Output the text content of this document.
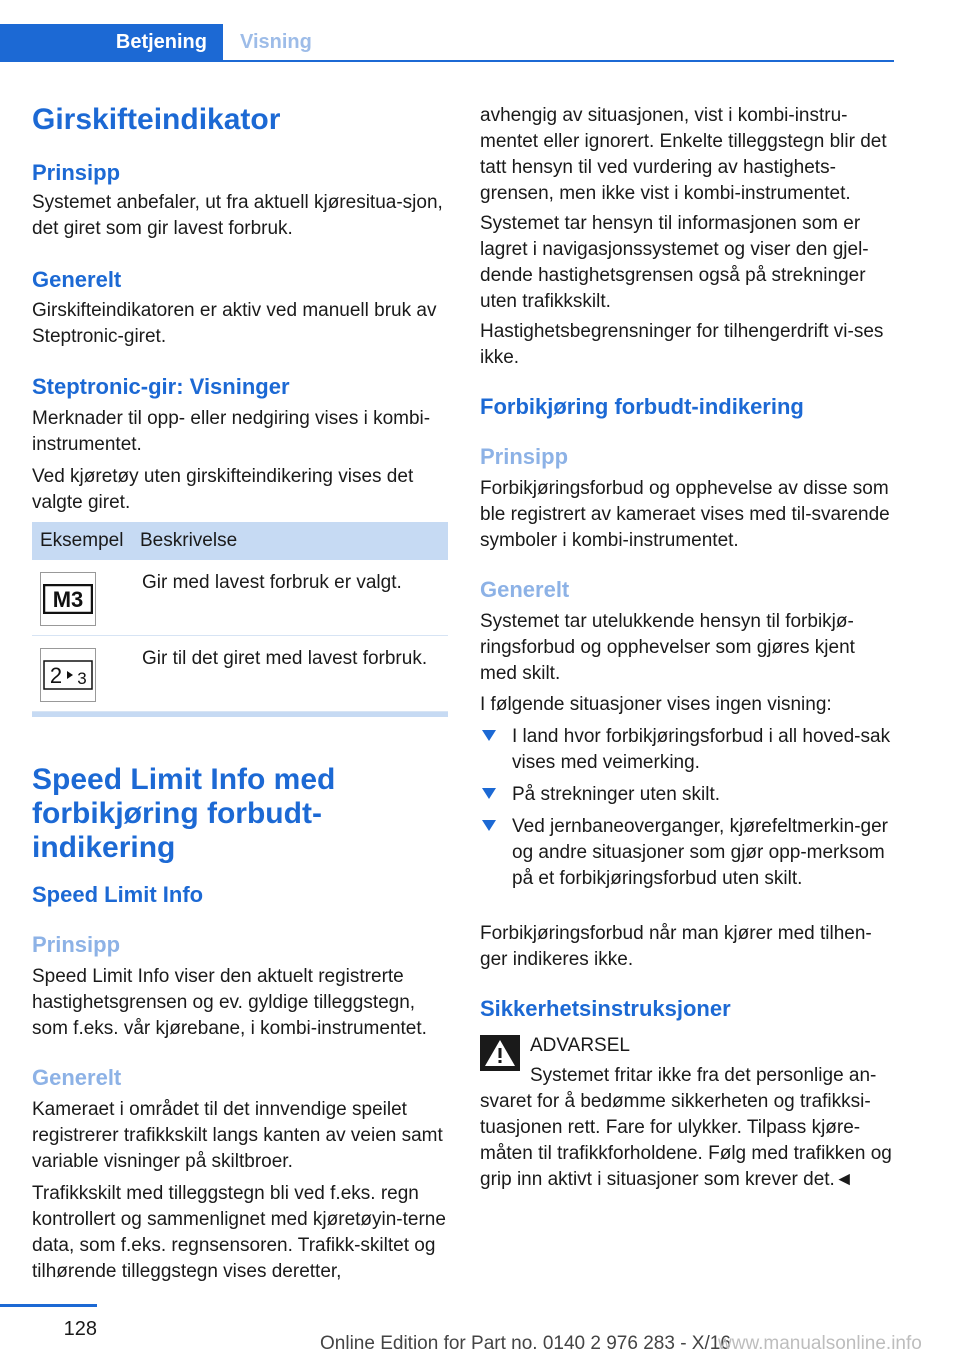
Betjening	Visning
Girskifteindikator
Prinsipp

Systemet anbefaler, ut fra aktuell kjøresitua-sjon, det giret som gir lavest forbruk.

Generelt

Girskifteindikatoren er aktiv ved manuell bruk av Steptronic-giret.

Steptronic-gir: Visninger

Merknader til opp- eller nedgiring vises i kombi-instrumentet.

Ved kjøretøy uten girskifteindikering vises det valgte giret.

Eksempel Beskrivelse
M3
Gir med lavest forbruk er valgt.
2 3
Gir til det giret med lavest forbruk.
Speed Limit Info med forbikjøring forbudt-indikering
Speed Limit Info
Prinsipp

Speed Limit Info viser den aktuelt registrerte hastighetsgrensen og ev. gyldige tilleggstegn, som f.eks. vår kjørebane, i kombi-instrumentet.

Generelt

Kameraet i området til det innvendige speilet registrerer trafikkskilt langs kanten av veien samt variable visninger på skiltbroer.

Trafikkskilt med tilleggstegn bli ved f.eks. regn kontrollert og sammenlignet med kjøretøyin-terne data, som f.eks. regnsensoren. Trafikk-skiltet og tilhørende tilleggstegn vises deretter,

avhengig av situasjonen, vist i kombi-instru-mentet eller ignorert. Enkelte tilleggstegn blir det tatt hensyn til ved vurdering av hastighets-grensen, men ikke vist i kombi-instrumentet.

Systemet tar hensyn til informasjonen som er lagret i navigasjonssystemet og viser den gjel-dende hastighetsgrensen også på strekninger uten trafikkskilt.

Hastighetsbegrensninger for tilhengerdrift vi-ses ikke.

Forbikjøring forbudt-indikering
Prinsipp

Forbikjøringsforbud og opphevelse av disse som ble registrert av kameraet vises med til-svarende symboler i kombi-instrumentet.

Generelt

Systemet tar utelukkende hensyn til forbikjø-ringsforbud og opphevelser som gjøres kjent med skilt.

I følgende situasjoner vises ingen visning:

I land hvor forbikjøringsforbud i all hoved-sak vises med veimerking.
På strekninger uten skilt.
Ved jernbaneoverganger, kjørefeltmerkin-ger og andre situasjoner som gjør opp-merksom på et forbikjøringsforbud uten skilt.

Forbikjøringsforbud når man kjører med tilhen-ger indikeres ikke.

Sikkerhetsinstruksjoner

ADVARSEL

Systemet fritar ikke fra det personlige an-svaret for å bedømme sikkerheten og trafikksi-tuasjonen rett. Fare for ulykker. Tilpass kjøre-måten til trafikkforholdene. Følg med trafikken og grip inn aktivt i situasjoner som krever det.◄

128
Online Edition for Part no. 0140 2 976 283 - X/16
www.manualsonline.info
